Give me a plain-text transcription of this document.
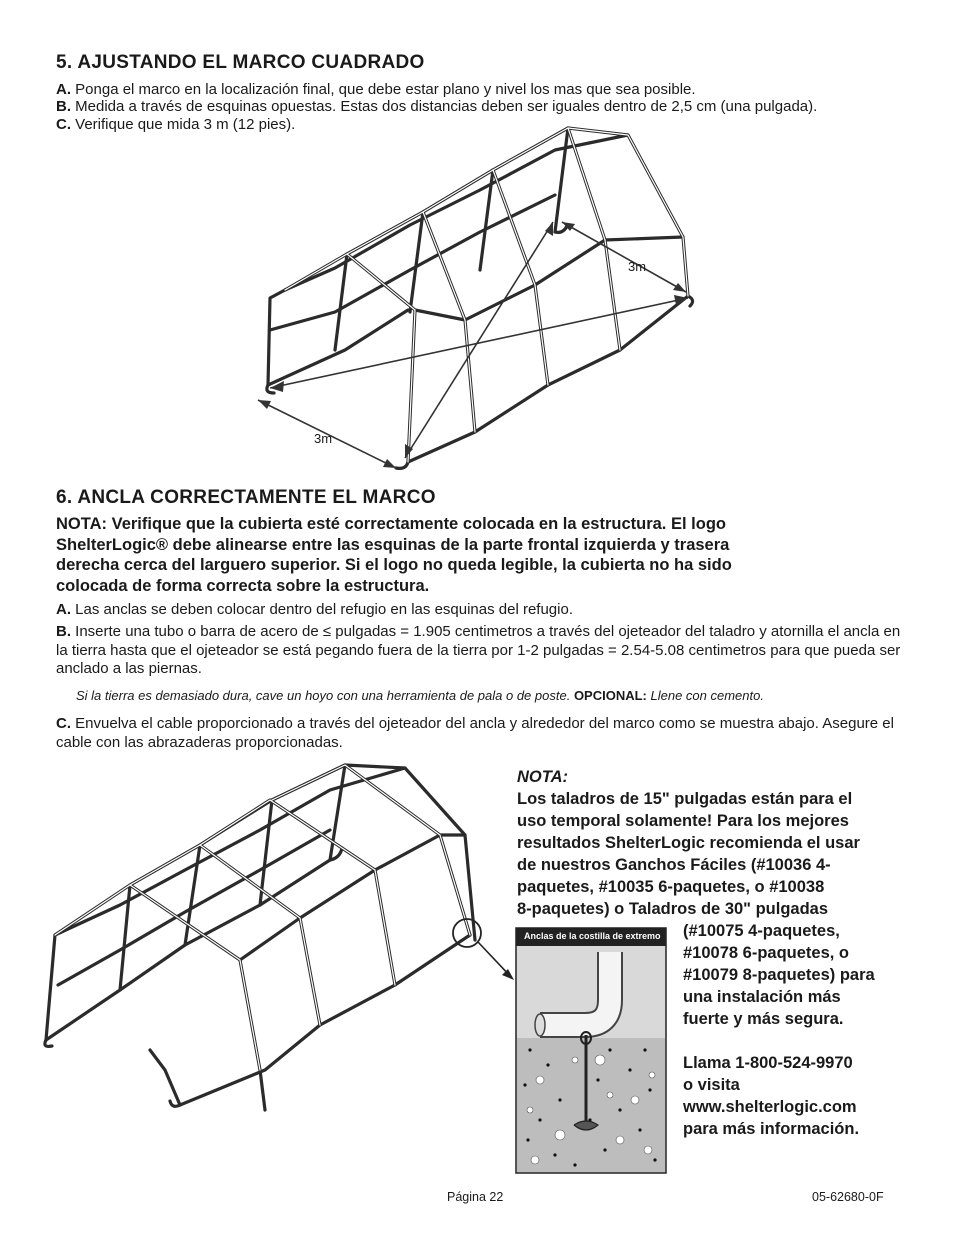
5. AJUSTANDO EL MARCO CUADRADO
A. Ponga el marco en la localización final, que debe estar plano y nivel los mas que sea posible.
B. Medida a través de esquinas opuestas. Estas dos distancias deben ser iguales dentro de 2,5 cm (una pulgada).
C. Verifique que mida 3 m (12 pies).
3m
3m
6. ANCLA CORRECTAMENTE EL MARCO
NOTA: Verifique que la cubierta esté correctamente colocada en la estructura. El logo
ShelterLogic® debe alinearse entre las esquinas de la parte frontal izquierda y trasera
derecha cerca del larguero superior. Si el logo no queda legible, la cubierta no ha sido
colocada de forma correcta sobre la estructura.
A. Las anclas se deben colocar dentro del refugio en las esquinas del refugio.
B. Inserte una tubo o barra de acero de ≤ pulgadas = 1.905 centimetros a través del ojeteador del taladro y atornilla el ancla en la tierra hasta que el ojeteador se está pegando fuera de la tierra por 1-2 pulgadas = 2.54-5.08 centimetros para que pueda ser anclado a las piernas.
Si la tierra es demasiado dura, cave un hoyo con una herramienta de pala o de poste. OPCIONAL: Llene con cemento.
C. Envuelva el cable proporcionado a través del ojeteador del ancla y alrededor del marco como se muestra abajo. Asegure el cable con las abrazaderas proporcionadas.
Anclas de la costilla de extremo
NOTA:
Los taladros de 15" pulgadas están para el
uso temporal solamente! Para los mejores
resultados ShelterLogic recomienda el usar
de nuestros Ganchos Fáciles (#10036 4-
paquetes, #10035 6-paquetes, o #10038
8-paquetes) o Taladros de 30" pulgadas
(#10075 4-paquetes,
#10078 6-paquetes, o
#10079 8-paquetes) para
una instalación más
fuerte y más segura.
Llama 1-800-524-9970
o visita
www.shelterlogic.com
para más información.
Página 22	05-62680-0F
